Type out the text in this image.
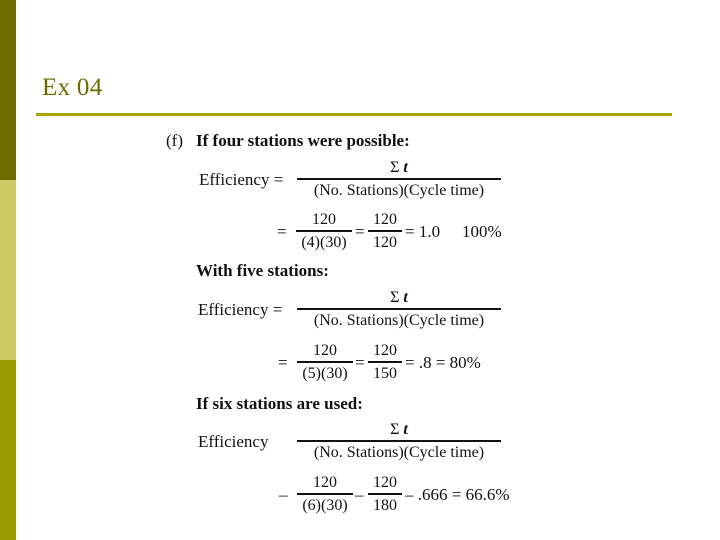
Ex 04
(f) If four stations were possible:
Efficiency =
Σ t
(No. Stations)(Cycle time)
=
120
(4)(30)
=
120
120
= 1.0 100%
With five stations:
Efficiency =
Σ t
(No. Stations)(Cycle time)
=
120
(5)(30)
=
120
150
= .8 = 80%
If six stations are used:
Efficiency
Σ t
(No. Stations)(Cycle time)
–
120
(6)(30)
–
120
180
– .666 = 66.6%
